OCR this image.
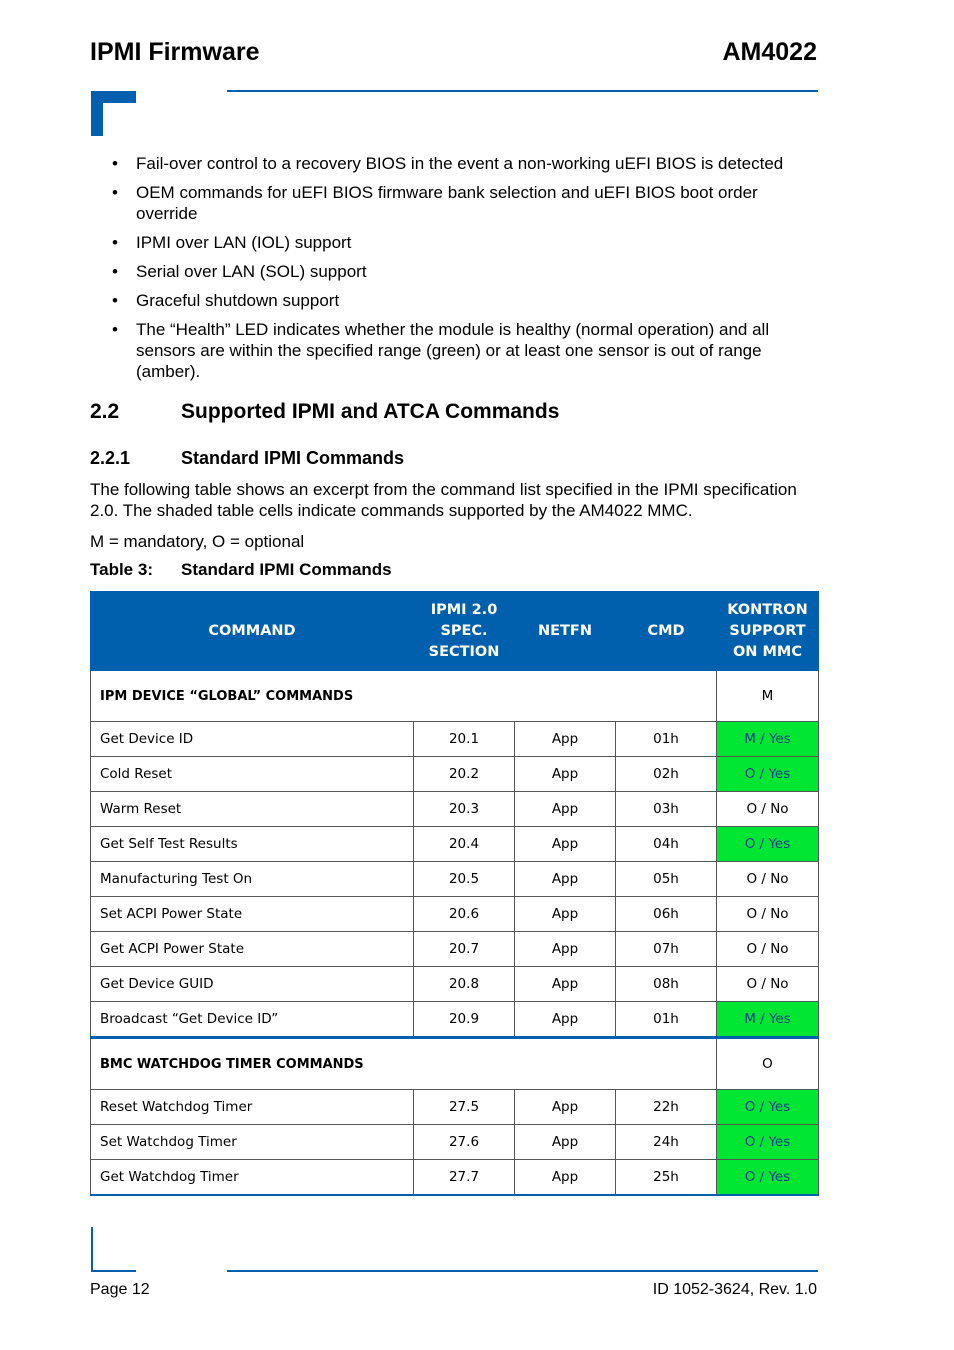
IPMI Firmware	AM4022
• Fail-over control to a recovery BIOS in the event a non-working uEFI BIOS is detected
• OEM commands for uEFI BIOS firmware bank selection and uEFI BIOS boot order override
• IPMI over LAN (IOL) support
• Serial over LAN (SOL) support
• Graceful shutdown support
• The “Health” LED indicates whether the module is healthy (normal operation) and all sensors are within the specified range (green) or at least one sensor is out of range (amber).
2.2	Supported IPMI and ATCA Commands
2.2.1	Standard IPMI Commands

The following table shows an excerpt from the command list specified in the IPMI specification 2.0. The shaded table cells indicate commands supported by the AM4022 MMC.

M = mandatory, O = optional

Table 3: Standard IPMI Commands
COMMAND	IPMI 2.0
SPEC.
SECTION	NETFN	CMD	KONTRON
SUPPORT
ON MMC
IPM DEVICE “GLOBAL” COMMANDS				M
Get Device ID	20.1	App	01h	M / Yes
Cold Reset	20.2	App	02h	O / Yes
Warm Reset	20.3	App	03h	O / No
Get Self Test Results	20.4	App	04h	O / Yes
Manufacturing Test On	20.5	App	05h	O / No
Set ACPI Power State	20.6	App	06h	O / No
Get ACPI Power State	20.7	App	07h	O / No
Get Device GUID	20.8	App	08h	O / No
Broadcast “Get Device ID”	20.9	App	01h	M / Yes
BMC WATCHDOG TIMER COMMANDS				O
Reset Watchdog Timer	27.5	App	22h	O / Yes
Set Watchdog Timer	27.6	App	24h	O / Yes
Get Watchdog Timer	27.7	App	25h	O / Yes
Page 12	ID 1052-3624, Rev. 1.0
